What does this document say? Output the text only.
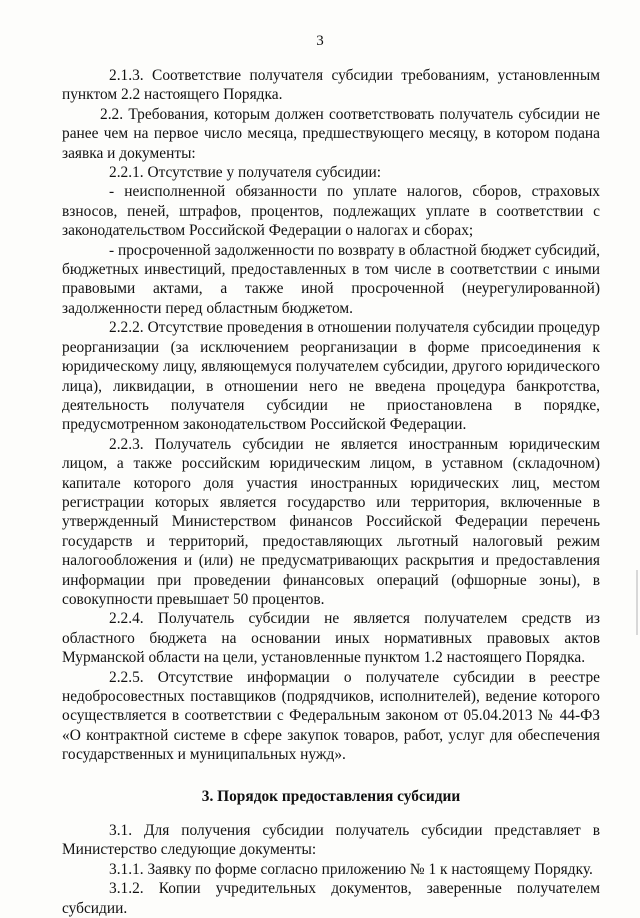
3

2.1.3. Соответствие получателя субсидии требованиям, установленным пунктом 2.2 настоящего Порядка.

2.2. Требования, которым должен соответствовать получатель субсидии не ранее чем на первое число месяца, предшествующего месяцу, в котором подана заявка и документы:

2.2.1. Отсутствие у получателя субсидии:

- неисполненной обязанности по уплате налогов, сборов, страховых взносов, пеней, штрафов, процентов, подлежащих уплате в соответствии с законодательством Российской Федерации о налогах и сборах;

- просроченной задолженности по возврату в областной бюджет субсидий, бюджетных инвестиций, предоставленных в том числе в соответствии с иными правовыми актами, а также иной просроченной (неурегулированной) задолженности перед областным бюджетом.

2.2.2. Отсутствие проведения в отношении получателя субсидии процедур реорганизации (за исключением реорганизации в форме присоединения к юридическому лицу, являющемуся получателем субсидии, другого юридического лица), ликвидации, в отношении него не введена процедура банкротства, деятельность получателя субсидии не приостановлена в порядке, предусмотренном законодательством Российской Федерации.

2.2.3. Получатель субсидии не является иностранным юридическим лицом, а также российским юридическим лицом, в уставном (складочном) капитале которого доля участия иностранных юридических лиц, местом регистрации которых является государство или территория, включенные в утвержденный Министерством финансов Российской Федерации перечень государств и территорий, предоставляющих льготный налоговый режим налогообложения и (или) не предусматривающих раскрытия и предоставления информации при проведении финансовых операций (офшорные зоны), в совокупности превышает 50 процентов.

2.2.4. Получатель субсидии не является получателем средств из областного бюджета на основании иных нормативных правовых актов Мурманской области на цели, установленные пунктом 1.2 настоящего Порядка.

2.2.5. Отсутствие информации о получателе субсидии в реестре недобросовестных поставщиков (подрядчиков, исполнителей), ведение которого осуществляется в соответствии с Федеральным законом от 05.04.2013 № 44-ФЗ «О контрактной системе в сфере закупок товаров, работ, услуг для обеспечения государственных и муниципальных нужд».

3. Порядок предоставления субсидии

3.1. Для получения субсидии получатель субсидии представляет в Министерство следующие документы:

3.1.1. Заявку по форме согласно приложению № 1 к настоящему Порядку.

3.1.2. Копии учредительных документов, заверенные получателем субсидии.
